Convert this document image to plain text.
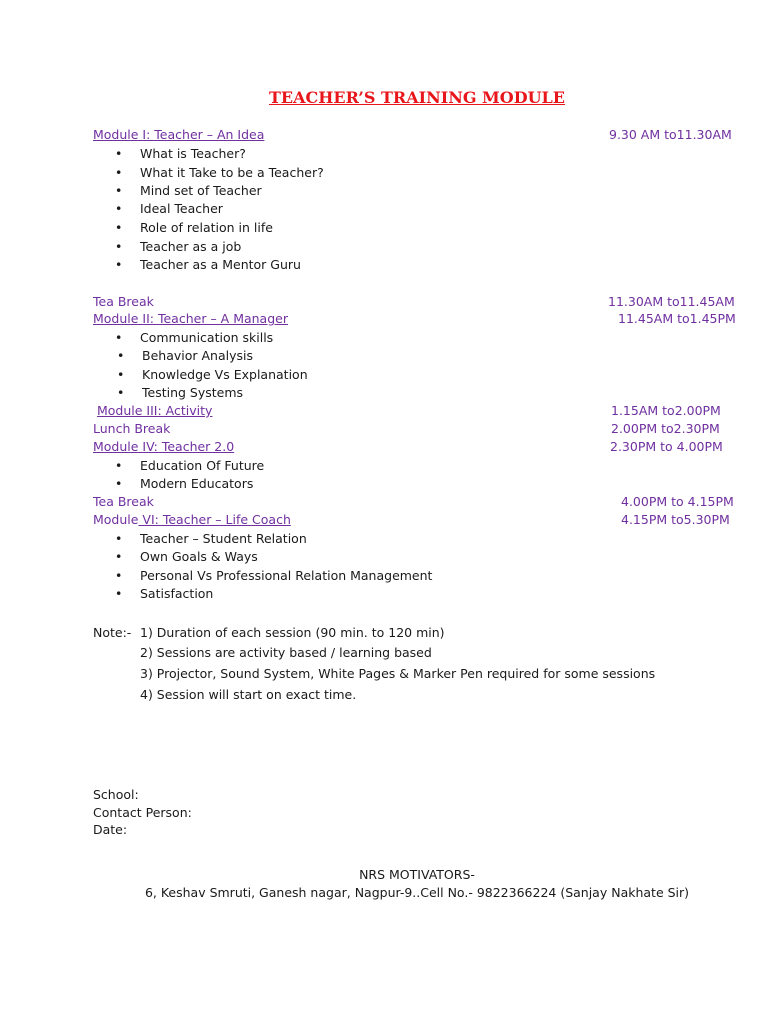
TEACHER’S TRAINING MODULE
Module I: Teacher – An Idea	9.30 AM to11.30AM
• What is Teacher?
• What it Take to be a Teacher?
• Mind set of Teacher
• Ideal Teacher
• Role of relation in life
• Teacher as a job
• Teacher as a Mentor Guru
Tea Break	11.30AM to11.45AM
Module II: Teacher – A Manager	11.45AM to1.45PM
• Communication skills
• Behavior Analysis
• Knowledge Vs Explanation
• Testing Systems
Module III: Activity	1.15AM to2.00PM
Lunch Break	2.00PM to2.30PM
Module IV: Teacher 2.0	2.30PM to 4.00PM
• Education Of Future
• Modern Educators
Tea Break	4.00PM to 4.15PM
Module VI: Teacher – Life Coach	4.15PM to5.30PM
• Teacher – Student Relation
• Own Goals & Ways
• Personal Vs Professional Relation Management
• Satisfaction
Note:- 1) Duration of each session (90 min. to 120 min)
2) Sessions are activity based / learning based
3) Projector, Sound System, White Pages & Marker Pen required for some sessions
4) Session will start on exact time.
School:
Contact Person:
Date:
NRS MOTIVATORS-
6, Keshav Smruti, Ganesh nagar, Nagpur-9..Cell No.- 9822366224 (Sanjay Nakhate Sir)
